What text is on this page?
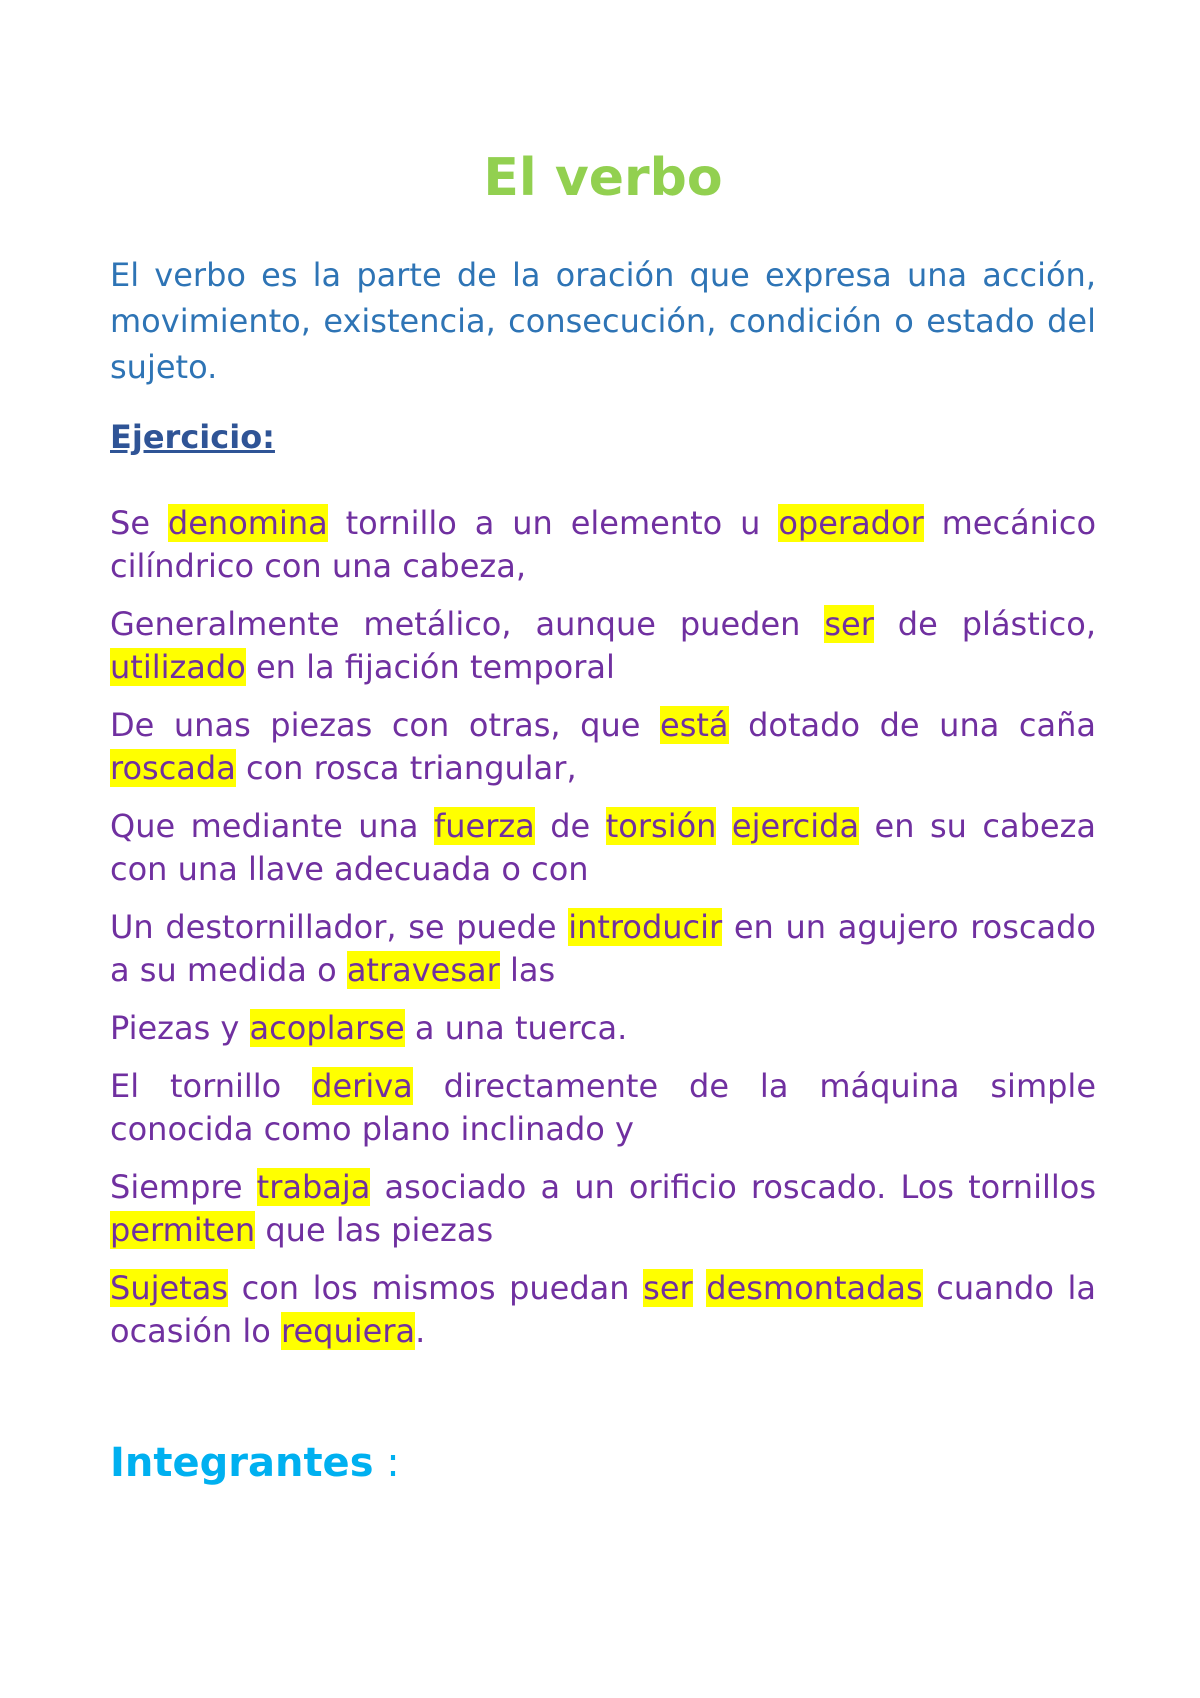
El verbo

El verbo es la parte de la oración que expresa una acción, movimiento, existencia, consecución, condición o estado del sujeto.

Ejercicio:

Se denomina tornillo a un elemento u operador mecánico cilíndrico con una cabeza,

Generalmente metálico, aunque pueden ser de plástico, utilizado en la fijación temporal

De unas piezas con otras, que está dotado de una caña roscada con rosca triangular,

Que mediante una fuerza de torsión ejercida en su cabeza con una llave adecuada o con

Un destornillador, se puede introducir en un agujero roscado a su medida o atravesar las

Piezas y acoplarse a una tuerca.

El tornillo deriva directamente de la máquina simple conocida como plano inclinado y

Siempre trabaja asociado a un orificio roscado. Los tornillos permiten que las piezas

Sujetas con los mismos puedan ser desmontadas cuando la ocasión lo requiera.

Integrantes :
